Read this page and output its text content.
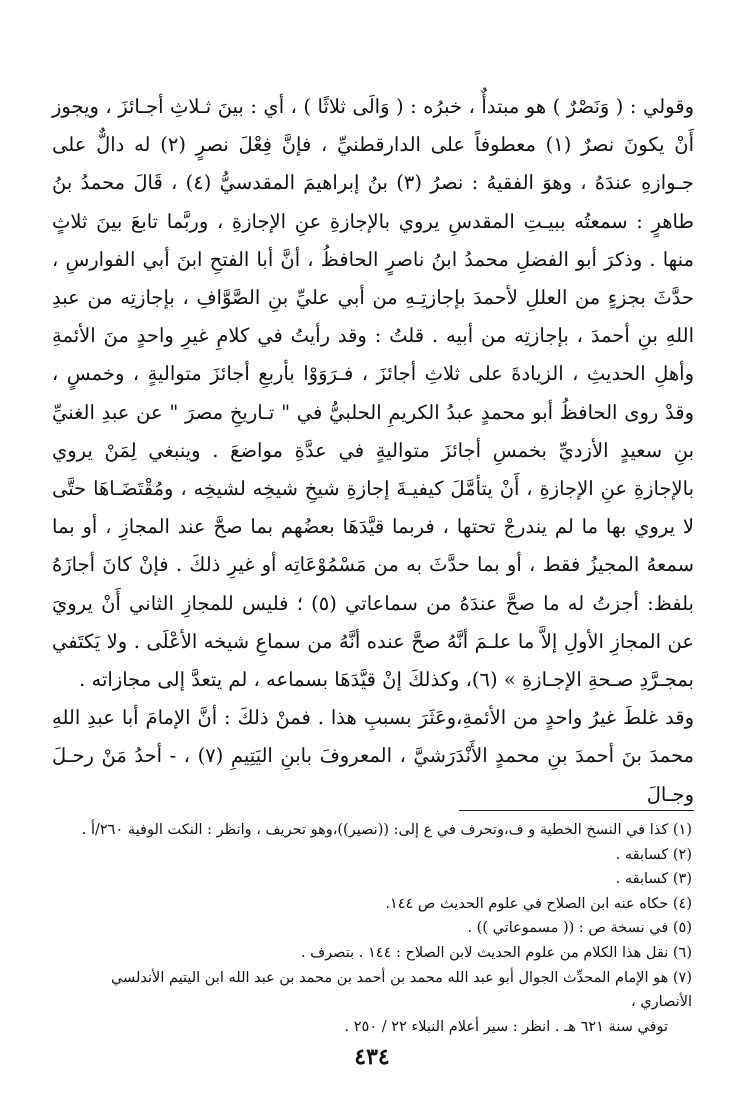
وقولي : ( وَنَصْرٌ ) هو مبتدأٌ ، خبرُه : ( وَالَى ثلاثًا ) ، أي : بينَ ثـلاثِ أجـائزَ ، ويجوز أَنْ يكونَ نصرٌ (١) معطوفاً على الدارقطنيِّ ، فإنَّ فِعْلَ نصرٍ (٢) له دالٌّ على جـوازهِ عندَهُ ، وهوَ الفقيهُ : نصرُ (٣) بنُ إبراهيمَ المقدسيُّ (٤) ، قَالَ محمدُ بنُ طاهرٍ : سمعتُه ببيـتِ المقدسِ يروي بالإجازةِ عنِ الإجازةِ ، وربَّما تابعَ بينَ ثلاثٍ منها . وذكرَ أبو الفضلِ محمدُ ابنُ ناصرٍ الحافظُ ، أنَّ أبا الفتحِ ابنَ أبي الفوارسِ ، حدَّثَ بجزءٍ من العللِ لأحمدَ بإجازتِـهِ من أبي عليِّ بنِ الصَّوَّافِ ، بإجازتِه من عبدِ اللهِ بنِ أحمدَ ، بإجازتِه من أبيه . قلتُ : وقد رأيتُ في كلامِ غيرِ واحدٍ منَ الأئمةِ وأهلِ الحديثِ ، الزيادةَ على ثلاثِ أجائزَ ، فـرَوَوْا بأربعِ أجائزَ متواليةٍ ، وخمسٍ ، وقدْ روى الحافظُ أبو محمدٍ عبدُ الكريمِ الحلبيُّ في " تـاريخِ مصرَ " عن عبدِ الغنيِّ بنِ سعيدٍ الأزديِّ بخمسِ أجائزَ متواليةٍ في عدَّةِ مواضعَ . وينبغي لِمَنْ يروي بالإجازةِ عنِ الإجازةِ ، أَنْ يتأمَّلَ كيفيـةَ إجازةِ شيخِ شيخِه لشيخِه ، ومُقْتَضَـاهَا حتَّى لا يروي بها ما لم يندرجْ تحتها ، فربما قيَّدَهَا بعضُهم بما صحَّ عند المجازِ ، أو بما سمعهُ المجيزُ فقط ، أو بما حدَّثَ به من مَسْمُوْعَاتِه أو غيرِ ذلكَ . فإنْ كانَ أجازَهُ بلفظ: أجزتُ له ما صحَّ عندَهُ من سماعاتي (٥) ؛ فليس للمجازِ الثاني أَنْ يرويَ عن المجازِ الأولِ إلاَّ ما علـمَ أنَّهُ صحَّ عنده أنَّهُ من سماعِ شيخه الأعْلَى . ولا يَكتَفي بمجـرَّدِ صـحةِ الإجـازةِ » (٦)، وكذلكَ إنْ قيَّدَهَا بسماعه ، لم يتعدَّ إلى مجازاته .

وقد غلطَ غيرُ واحدٍ من الأئمةِ،وعَثَرَ بسببِ هذا . فمنْ ذلكَ : أنَّ الإمامَ أبا عبدِ اللهِ محمدَ بنَ أحمدَ بنِ محمدٍ الأَنْدَرَشيَّ ، المعروفَ بابنِ اليَتِيمِ (٧) ، - أحدُ مَنْ رحـلَ وجـالَ

(١) كذا في النسخ الخطية و ف،وتحرف في ع إلى: ((نصير))،وهو تحريف ، وانظر : النكت الوفية ٢٦٠/أ .

(٢) كسابقه .

(٣) كسابقه .

(٤) حكاه عنه ابن الصلاح في علوم الحديث ص ١٤٤.

(٥) في نسخة ص : (( مسموعاتي )) .

(٦) نقل هذا الكلام من علوم الحديث لابن الصلاح : ١٤٤ . بتصرف .

(٧) هو الإمام المحدِّث الجوال أبو عبد الله محمد بن أحمد بن محمد بن عبد الله ابن اليتيم الأندلسي الأنصاري ،

توفي سنة ٦٢١ هـ . انظر : سير أعلام النبلاء ٢٢ / ٢٥٠ .

٤٣٤
